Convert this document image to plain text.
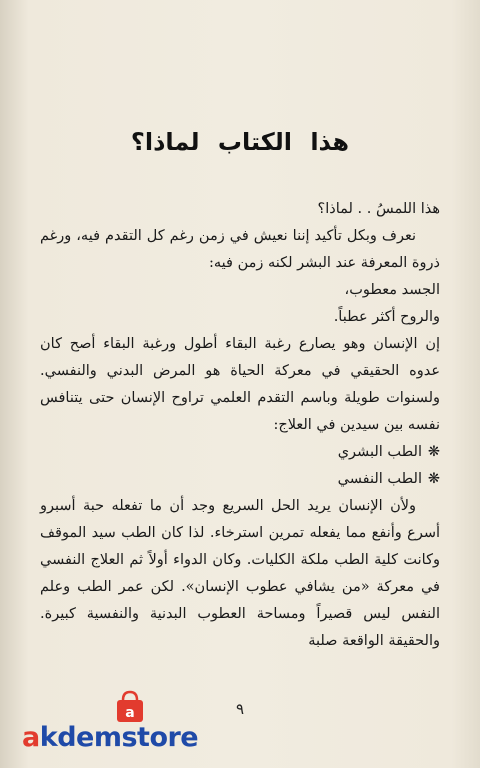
هذا الكتاب لماذا؟

هذا اللمسُ . . لماذا؟

نعرف وبكل تأكيد إننا نعيش في زمن رغم كل التقدم فيه، ورغم ذروة المعرفة عند البشر لكنه زمن فيه:

الجسد معطوب،

والروح أكثر عطباً.

إن الإنسان وهو يصارع رغبة البقاء أطول ورغبة البقاء أصح كان عدوه الحقيقي في معركة الحياة هو المرض البدني والنفسي. ولسنوات طويلة وباسم التقدم العلمي تراوح الإنسان حتى يتنافس نفسه بين سيدين في العلاج:

❋الطب البشري

❋الطب النفسي

ولأن الإنسان يريد الحل السريع وجد أن ما تفعله حبة أسبرو أسرع وأنفع مما يفعله تمرين استرخاء. لذا كان الطب سيد الموقف وكانت كلية الطب ملكة الكليات. وكان الدواء أولاً ثم العلاج النفسي في معركة «من يشافي عطوب الإنسان». لكن عمر الطب وعلم النفس ليس قصيراً ومساحة العطوب البدنية والنفسية كبيرة. والحقيقة الواقعة صلبة

٩
a
akdemstore
